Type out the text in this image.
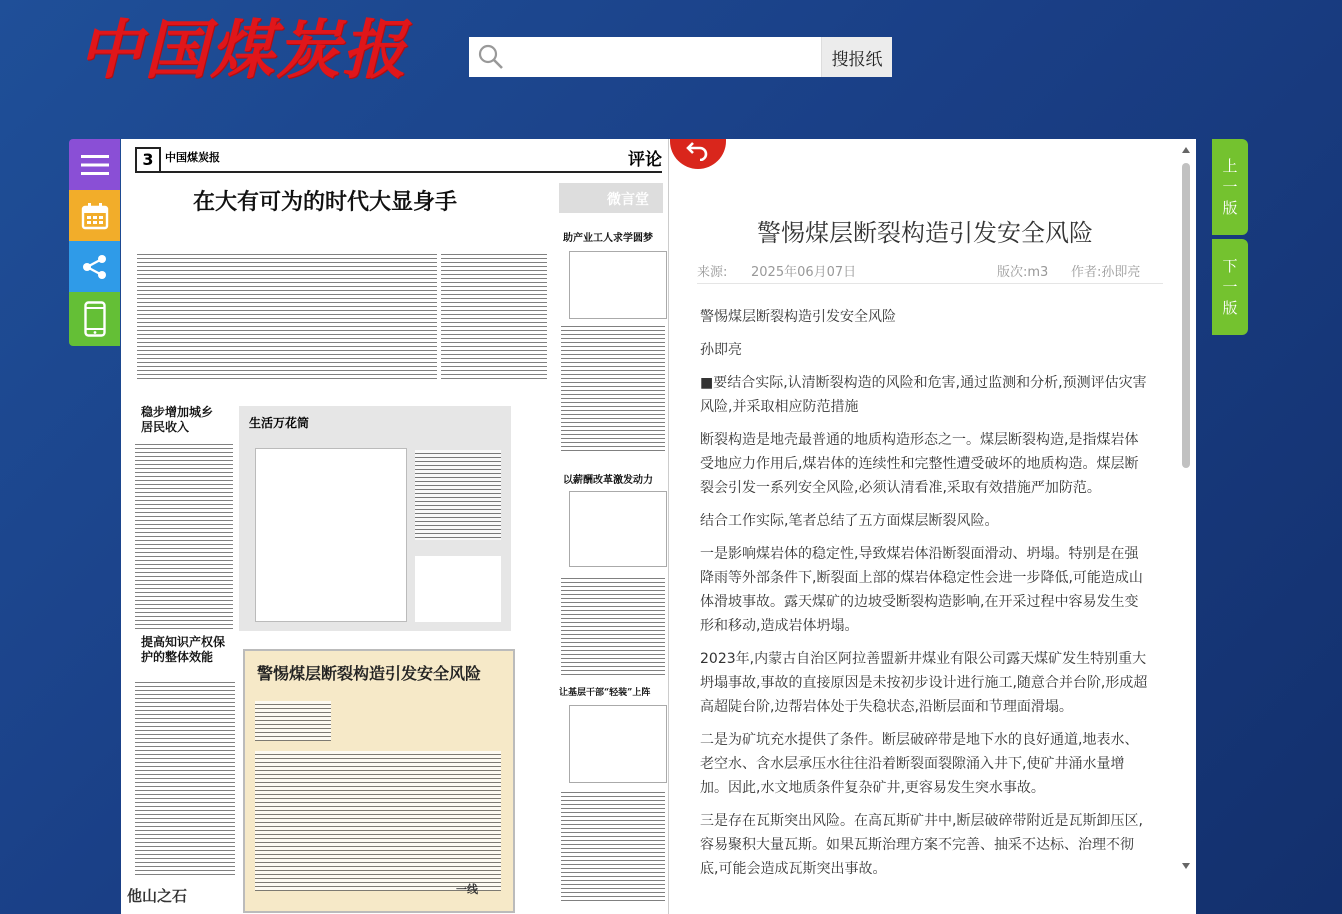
中国煤炭报	搜报纸
3	中国煤炭报	评论
在大有可为的时代大显身手	微言堂
助产业工人求学圆梦
稳步增加城乡居民收入	生活万花筒
以薪酬改革激发动力
提高知识产权保护的整体效能
警惕煤层断裂构造引发安全风险
让基层干部“轻装”上阵
他山之石	一线
警惕煤层断裂构造引发安全风险
来源: 2025年06月07日	版次:m3 作者:孙即亮

警惕煤层断裂构造引发安全风险

孙即亮

■要结合实际,认清断裂构造的风险和危害,通过监测和分析,预测评估灾害风险,并采取相应防范措施

断裂构造是地壳最普通的地质构造形态之一。煤层断裂构造,是指煤岩体受地应力作用后,煤岩体的连续性和完整性遭受破坏的地质构造。煤层断裂会引发一系列安全风险,必须认清看准,采取有效措施严加防范。

结合工作实际,笔者总结了五方面煤层断裂风险。

一是影响煤岩体的稳定性,导致煤岩体沿断裂面滑动、坍塌。特别是在强降雨等外部条件下,断裂面上部的煤岩体稳定性会进一步降低,可能造成山体滑坡事故。露天煤矿的边坡受断裂构造影响,在开采过程中容易发生变形和移动,造成岩体坍塌。

2023年,内蒙古自治区阿拉善盟新井煤业有限公司露天煤矿发生特别重大坍塌事故,事故的直接原因是未按初步设计进行施工,随意合并台阶,形成超高超陡台阶,边帮岩体处于失稳状态,沿断层面和节理面滑塌。

二是为矿坑充水提供了条件。断层破碎带是地下水的良好通道,地表水、老空水、含水层承压水往往沿着断裂面裂隙涌入井下,使矿井涌水量增加。因此,水文地质条件复杂矿井,更容易发生突水事故。

三是存在瓦斯突出风险。在高瓦斯矿井中,断层破碎带附近是瓦斯卸压区,容易聚积大量瓦斯。如果瓦斯治理方案不完善、抽采不达标、治理不彻底,可能会造成瓦斯突出事故。

上
一
版
下
一
版
